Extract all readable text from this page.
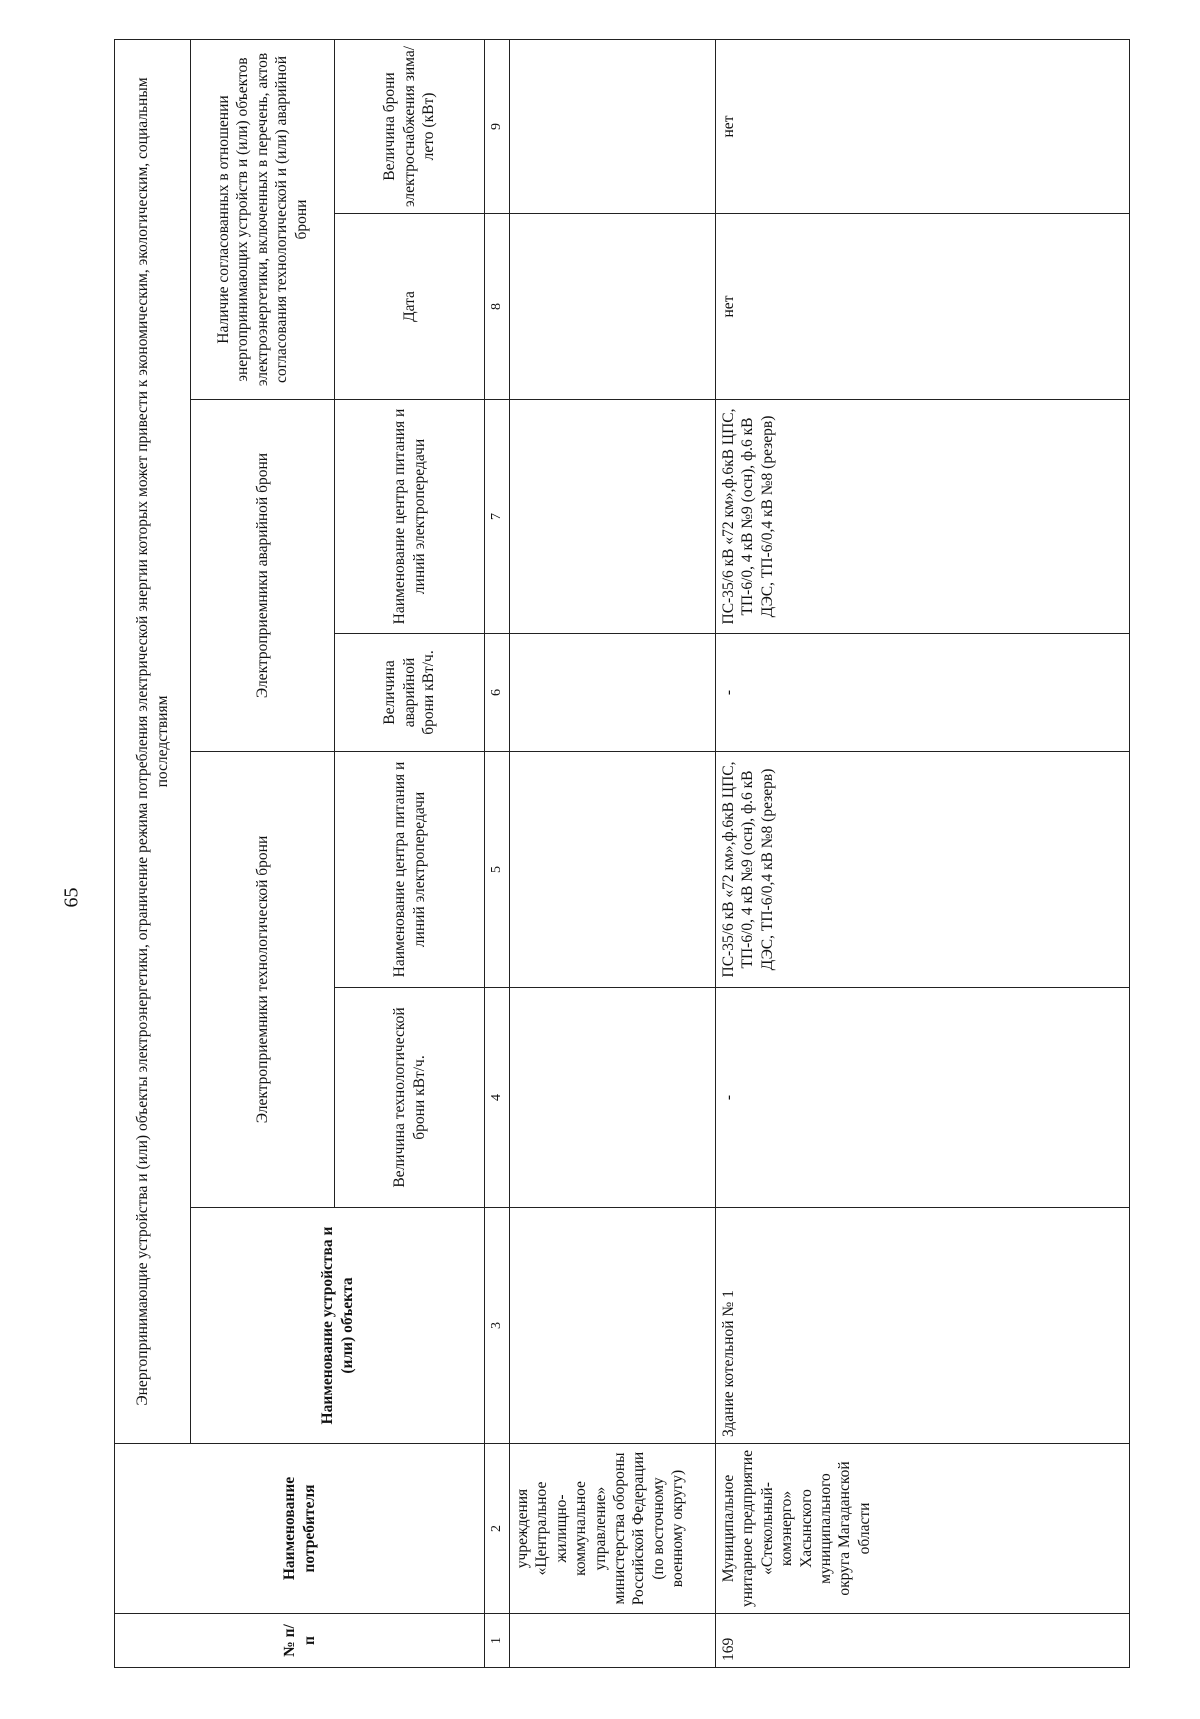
65
№ п/п	Наименование потребителя	Энергопринимающие устройства и (или) объекты электроэнергетики, ограничение режима потребления электрической энергии которых может привести к экономическим, экологическим, социальным последствиям						
		Наименование устройства и (или) объекта	Электроприемники технологической брони		Электроприемники аварийной брони		Наличие согласованных в отношении энергопринимающих устройств и (или) объектов электроэнергетики, включенных в перечень, актов согласования технологической и (или) аварийной брони	
			Величина технологической брони кВт/ч.	Наименование центра питания и линий электропередачи	Величина аварийной брони кВт/ч.	Наименование центра питания и линий электропередачи	Дата	Величина брони электроснабжения зима/лето (кВт)
1	2	3	4	5	6	7	8	9
	учреждения «Центральное жилищно-коммунальное управление» министерства обороны Российской Федерации (по восточному военному округу)							
169	Муниципальное унитарное предприятие «Стекольный-комэнерго» Хасынского муниципального округа Магаданской области	Здание котельной № 1	-	ПС-35/6 кВ «72 км»,ф.6кВ ЦПС, ТП-6/0, 4 кВ №9 (осн), ф.6 кВ ДЭС, ТП-6/0,4 кВ №8 (резерв)	-	ПС-35/6 кВ «72 км»,ф.6кВ ЦПС, ТП-6/0, 4 кВ №9 (осн), ф.6 кВ ДЭС, ТП-6/0,4 кВ №8 (резерв)	нет	нет
